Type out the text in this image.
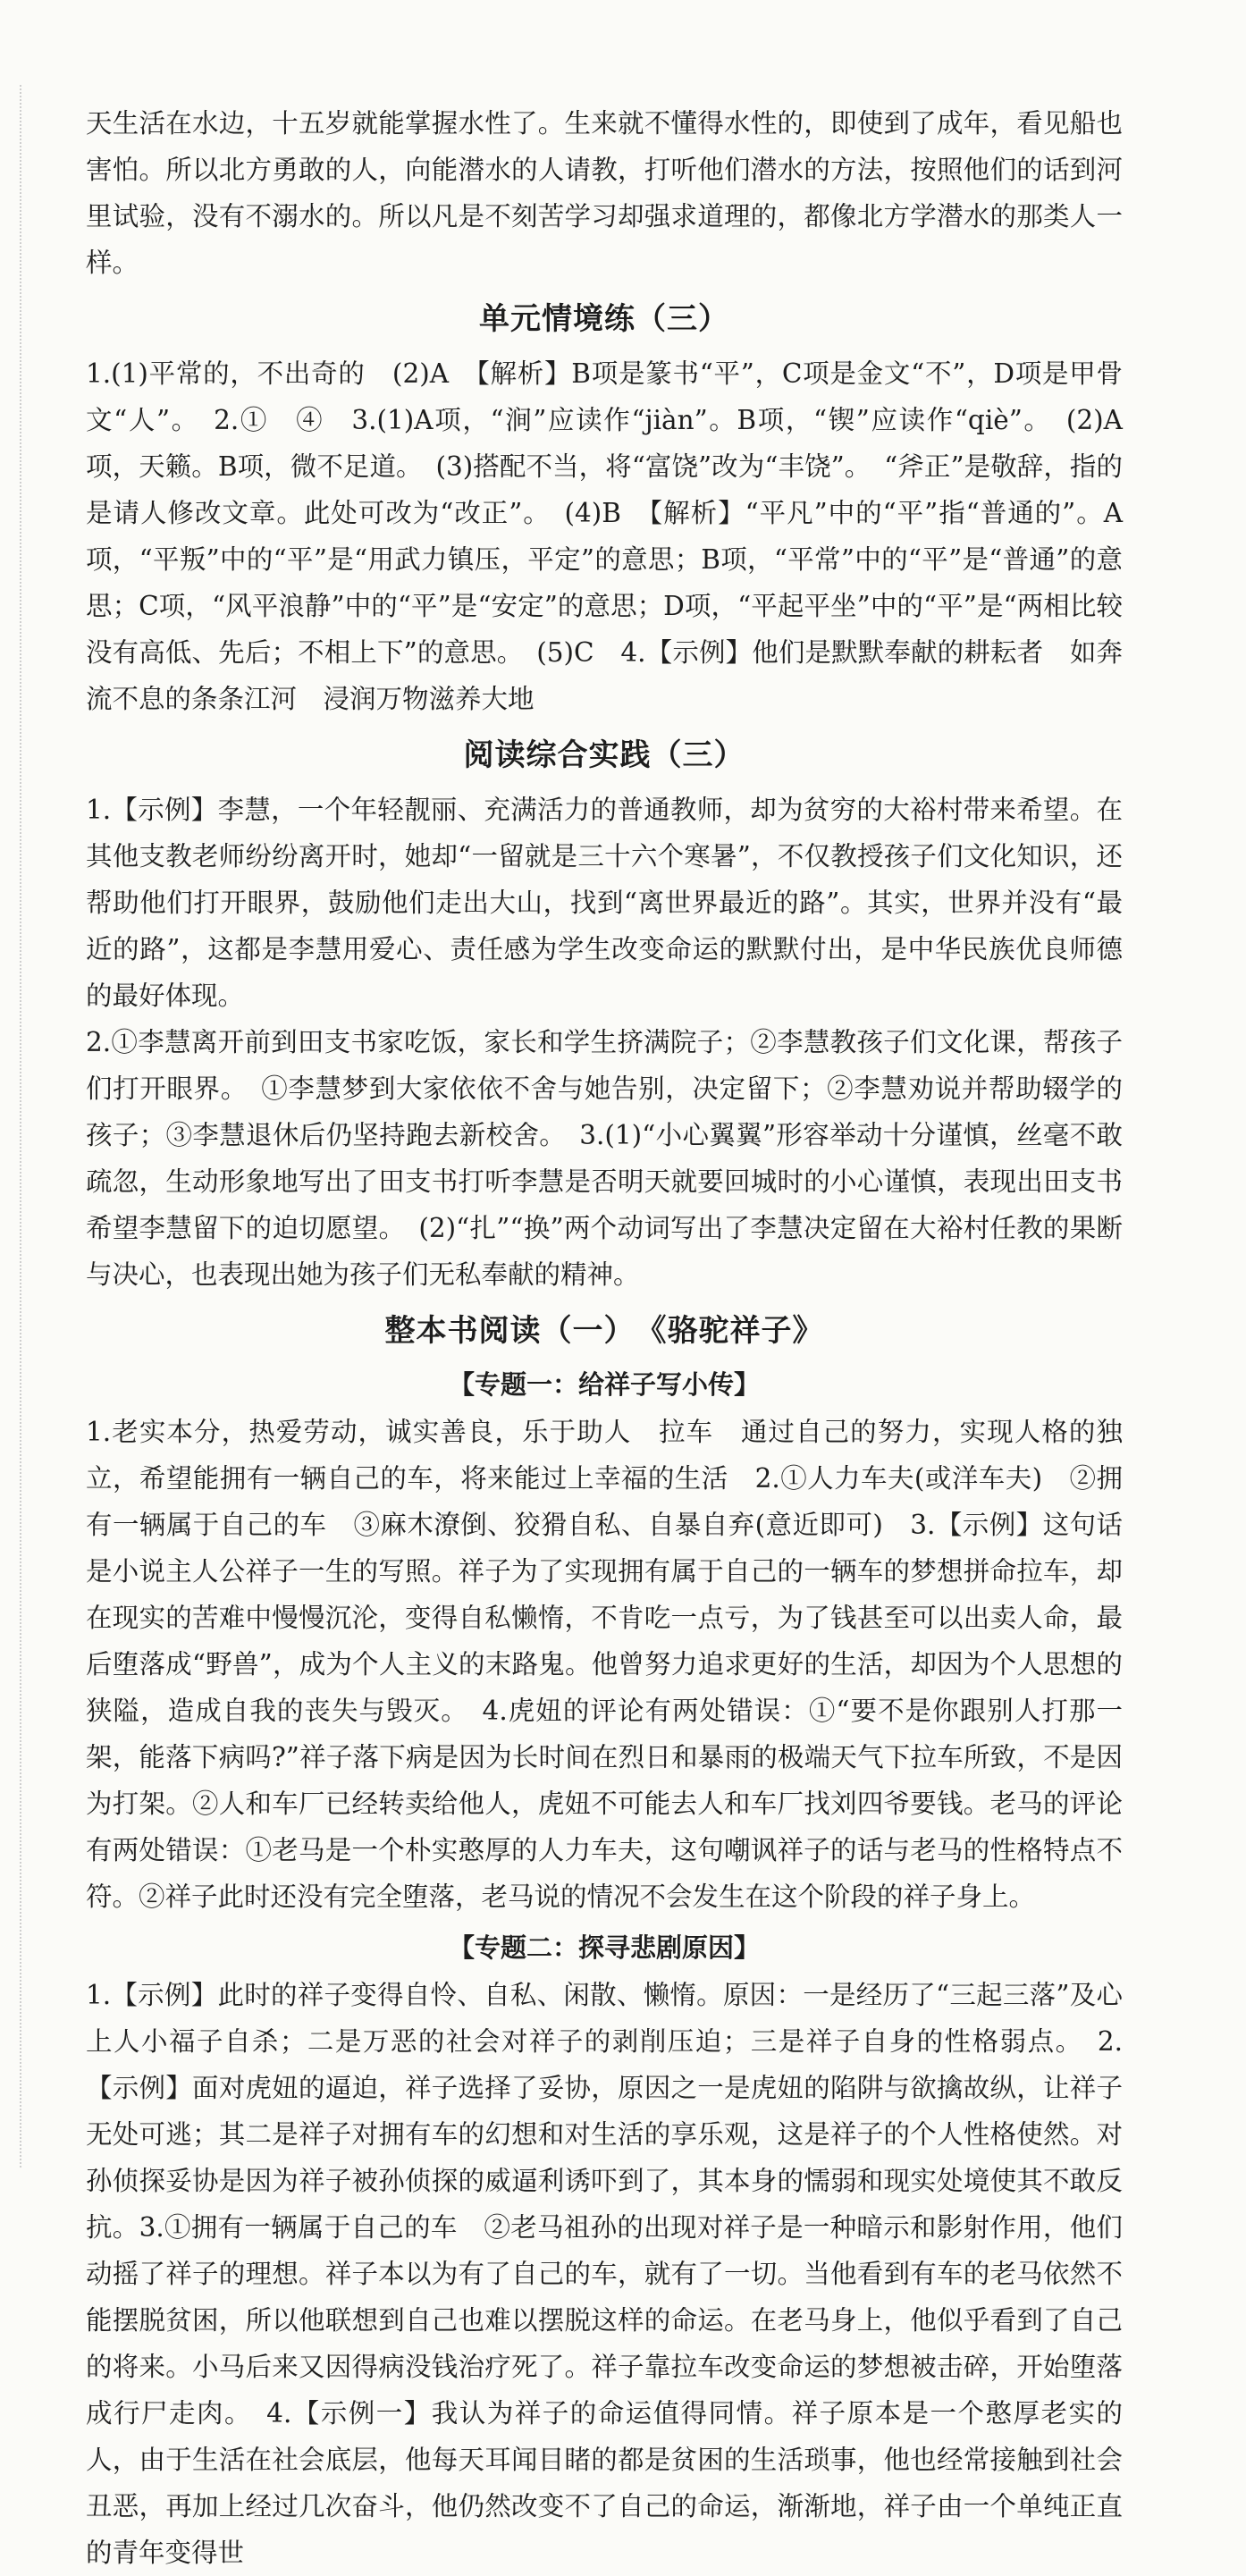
天生活在水边，十五岁就能掌握水性了。生来就不懂得水性的，即使到了成年，看见船也害怕。所以北方勇敢的人，向能潜水的人请教，打听他们潜水的方法，按照他们的话到河里试验，没有不溺水的。所以凡是不刻苦学习却强求道理的，都像北方学潜水的那类人一样。

单元情境练（三）

1.(1)平常的，不出奇的　(2)A　【解析】B项是篆书“平”，C项是金文“不”，D项是甲骨文“人”。　2.①　④　3.(1)A项，“涧”应读作“jiàn”。B项，“锲”应读作“qiè”。　(2)A项，天籁。B项，微不足道。　(3)搭配不当，将“富饶”改为“丰饶”。　“斧正”是敬辞，指的是请人修改文章。此处可改为“改正”。　(4)B　【解析】“平凡”中的“平”指“普通的”。A项，“平叛”中的“平”是“用武力镇压，平定”的意思；B项，“平常”中的“平”是“普通”的意思；C项，“风平浪静”中的“平”是“安定”的意思；D项，“平起平坐”中的“平”是“两相比较没有高低、先后；不相上下”的意思。　(5)C　4.【示例】他们是默默奉献的耕耘者　如奔流不息的条条江河　浸润万物滋养大地

阅读综合实践（三）

1.【示例】李慧，一个年轻靓丽、充满活力的普通教师，却为贫穷的大裕村带来希望。在其他支教老师纷纷离开时，她却“一留就是三十六个寒暑”，不仅教授孩子们文化知识，还帮助他们打开眼界，鼓励他们走出大山，找到“离世界最近的路”。其实，世界并没有“最近的路”，这都是李慧用爱心、责任感为学生改变命运的默默付出，是中华民族优良师德的最好体现。

2.①李慧离开前到田支书家吃饭，家长和学生挤满院子；②李慧教孩子们文化课，帮孩子们打开眼界。　①李慧梦到大家依依不舍与她告别，决定留下；②李慧劝说并帮助辍学的孩子；③李慧退休后仍坚持跑去新校舍。　3.(1)“小心翼翼”形容举动十分谨慎，丝毫不敢疏忽，生动形象地写出了田支书打听李慧是否明天就要回城时的小心谨慎，表现出田支书希望李慧留下的迫切愿望。　(2)“扎”“换”两个动词写出了李慧决定留在大裕村任教的果断与决心，也表现出她为孩子们无私奉献的精神。

整本书阅读（一）　《骆驼祥子》
【专题一：给祥子写小传】

1.老实本分，热爱劳动，诚实善良，乐于助人　拉车　通过自己的努力，实现人格的独立，希望能拥有一辆自己的车，将来能过上幸福的生活　2.①人力车夫(或洋车夫)　②拥有一辆属于自己的车　③麻木潦倒、狡猾自私、自暴自弃(意近即可)　3.【示例】这句话是小说主人公祥子一生的写照。祥子为了实现拥有属于自己的一辆车的梦想拼命拉车，却在现实的苦难中慢慢沉沦，变得自私懒惰，不肯吃一点亏，为了钱甚至可以出卖人命，最后堕落成“野兽”，成为个人主义的末路鬼。他曾努力追求更好的生活，却因为个人思想的狭隘，造成自我的丧失与毁灭。　4.虎妞的评论有两处错误：①“要不是你跟别人打那一架，能落下病吗?”祥子落下病是因为长时间在烈日和暴雨的极端天气下拉车所致，不是因为打架。②人和车厂已经转卖给他人，虎妞不可能去人和车厂找刘四爷要钱。老马的评论有两处错误：①老马是一个朴实憨厚的人力车夫，这句嘲讽祥子的话与老马的性格特点不符。②祥子此时还没有完全堕落，老马说的情况不会发生在这个阶段的祥子身上。

【专题二：探寻悲剧原因】

1.【示例】此时的祥子变得自怜、自私、闲散、懒惰。原因：一是经历了“三起三落”及心上人小福子自杀；二是万恶的社会对祥子的剥削压迫；三是祥子自身的性格弱点。　2.【示例】面对虎妞的逼迫，祥子选择了妥协，原因之一是虎妞的陷阱与欲擒故纵，让祥子无处可逃；其二是祥子对拥有车的幻想和对生活的享乐观，这是祥子的个人性格使然。对孙侦探妥协是因为祥子被孙侦探的威逼利诱吓到了，其本身的懦弱和现实处境使其不敢反抗。3.①拥有一辆属于自己的车　②老马祖孙的出现对祥子是一种暗示和影射作用，他们动摇了祥子的理想。祥子本以为有了自己的车，就有了一切。当他看到有车的老马依然不能摆脱贫困，所以他联想到自己也难以摆脱这样的命运。在老马身上，他似乎看到了自己的将来。小马后来又因得病没钱治疗死了。祥子靠拉车改变命运的梦想被击碎，开始堕落成行尸走肉。　4.【示例一】我认为祥子的命运值得同情。祥子原本是一个憨厚老实的人，由于生活在社会底层，他每天耳闻目睹的都是贫困的生活琐事，他也经常接触到社会丑恶，再加上经过几次奋斗，他仍然改变不了自己的命运，渐渐地，祥子由一个单纯正直的青年变得世
